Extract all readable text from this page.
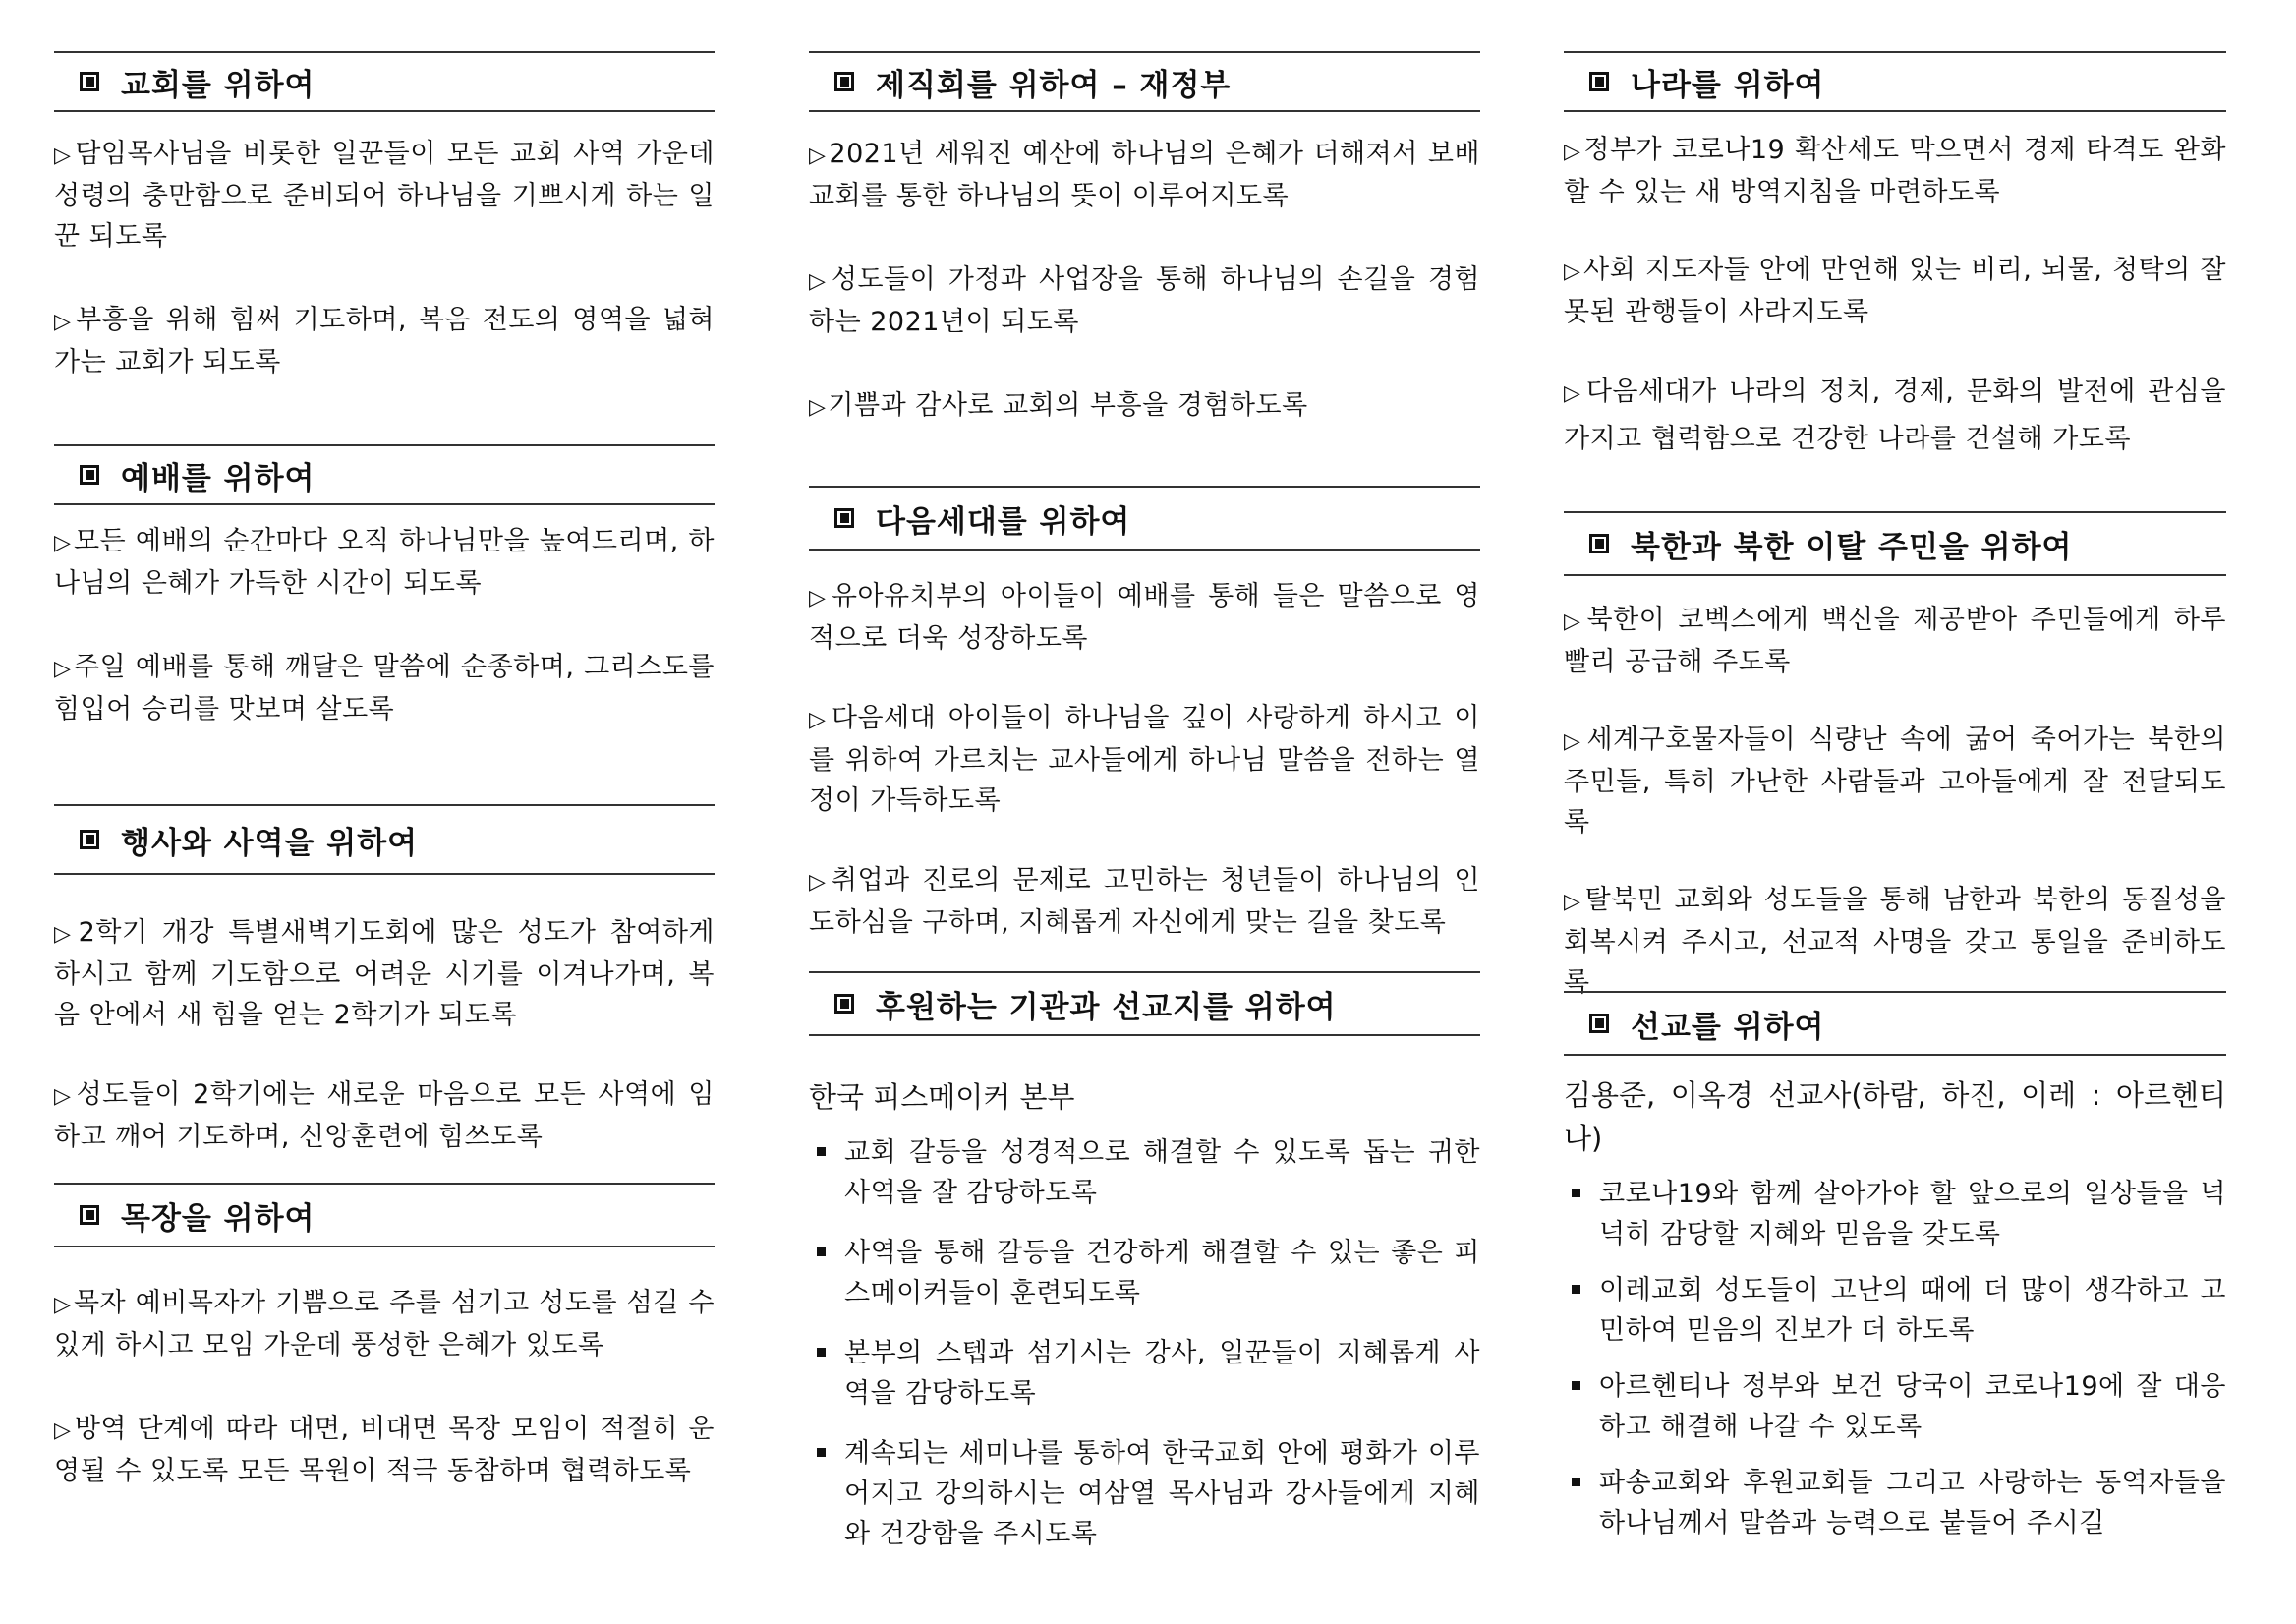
교회를 위하여

▷담임목사님을 비롯한 일꾼들이 모든 교회 사역 가운데 성령의 충만함으로 준비되어 하나님을 기쁘시게 하는 일꾼 되도록

▷부흥을 위해 힘써 기도하며, 복음 전도의 영역을 넓혀 가는 교회가 되도록

예배를 위하여

▷모든 예배의 순간마다 오직 하나님만을 높여드리며, 하나님의 은혜가 가득한 시간이 되도록

▷주일 예배를 통해 깨달은 말씀에 순종하며, 그리스도를 힘입어 승리를 맛보며 살도록

행사와 사역을 위하여

▷2학기 개강 특별새벽기도회에 많은 성도가 참여하게 하시고 함께 기도함으로 어려운 시기를 이겨나가며, 복음 안에서 새 힘을 얻는 2학기가 되도록

▷성도들이 2학기에는 새로운 마음으로 모든 사역에 임하고 깨어 기도하며, 신앙훈련에 힘쓰도록

목장을 위하여

▷목자 예비목자가 기쁨으로 주를 섬기고 성도를 섬길 수 있게 하시고 모임 가운데 풍성한 은혜가 있도록

▷방역 단계에 따라 대면, 비대면 목장 모임이 적절히 운영될 수 있도록 모든 목원이 적극 동참하며 협력하도록

제직회를 위하여 – 재정부

▷2021년 세워진 예산에 하나님의 은혜가 더해져서 보배교회를 통한 하나님의 뜻이 이루어지도록

▷성도들이 가정과 사업장을 통해 하나님의 손길을 경험하는 2021년이 되도록

▷기쁨과 감사로 교회의 부흥을 경험하도록

다음세대를 위하여

▷유아유치부의 아이들이 예배를 통해 들은 말씀으로 영적으로 더욱 성장하도록

▷다음세대 아이들이 하나님을 깊이 사랑하게 하시고 이를 위하여 가르치는 교사들에게 하나님 말씀을 전하는 열정이 가득하도록

▷취업과 진로의 문제로 고민하는 청년들이 하나님의 인도하심을 구하며, 지혜롭게 자신에게 맞는 길을 찾도록

후원하는 기관과 선교지를 위하여
한국 피스메이커 본부
교회 갈등을 성경적으로 해결할 수 있도록 돕는 귀한 사역을 잘 감당하도록
사역을 통해 갈등을 건강하게 해결할 수 있는 좋은 피스메이커들이 훈련되도록
본부의 스텝과 섬기시는 강사, 일꾼들이 지혜롭게 사역을 감당하도록
계속되는 세미나를 통하여 한국교회 안에 평화가 이루어지고 강의하시는 여삼열 목사님과 강사들에게 지혜와 건강함을 주시도록
나라를 위하여

▷정부가 코로나19 확산세도 막으면서 경제 타격도 완화할 수 있는 새 방역지침을 마련하도록

▷사회 지도자들 안에 만연해 있는 비리, 뇌물, 청탁의 잘못된 관행들이 사라지도록

▷다음세대가 나라의 정치, 경제, 문화의 발전에 관심을 가지고 협력함으로 건강한 나라를 건설해 가도록

북한과 북한 이탈 주민을 위하여

▷북한이 코벡스에게 백신을 제공받아 주민들에게 하루빨리 공급해 주도록

▷세계구호물자들이 식량난 속에 굶어 죽어가는 북한의 주민들, 특히 가난한 사람들과 고아들에게 잘 전달되도록

▷탈북민 교회와 성도들을 통해 남한과 북한의 동질성을 회복시켜 주시고, 선교적 사명을 갖고 통일을 준비하도록

선교를 위하여
김용준, 이옥경 선교사(하람, 하진, 이레 : 아르헨티나)
코로나19와 함께 살아가야 할 앞으로의 일상들을 넉넉히 감당할 지혜와 믿음을 갖도록
이레교회 성도들이 고난의 때에 더 많이 생각하고 고민하여 믿음의 진보가 더 하도록
아르헨티나 정부와 보건 당국이 코로나19에 잘 대응하고 해결해 나갈 수 있도록
파송교회와 후원교회들 그리고 사랑하는 동역자들을 하나님께서 말씀과 능력으로 붙들어 주시길
